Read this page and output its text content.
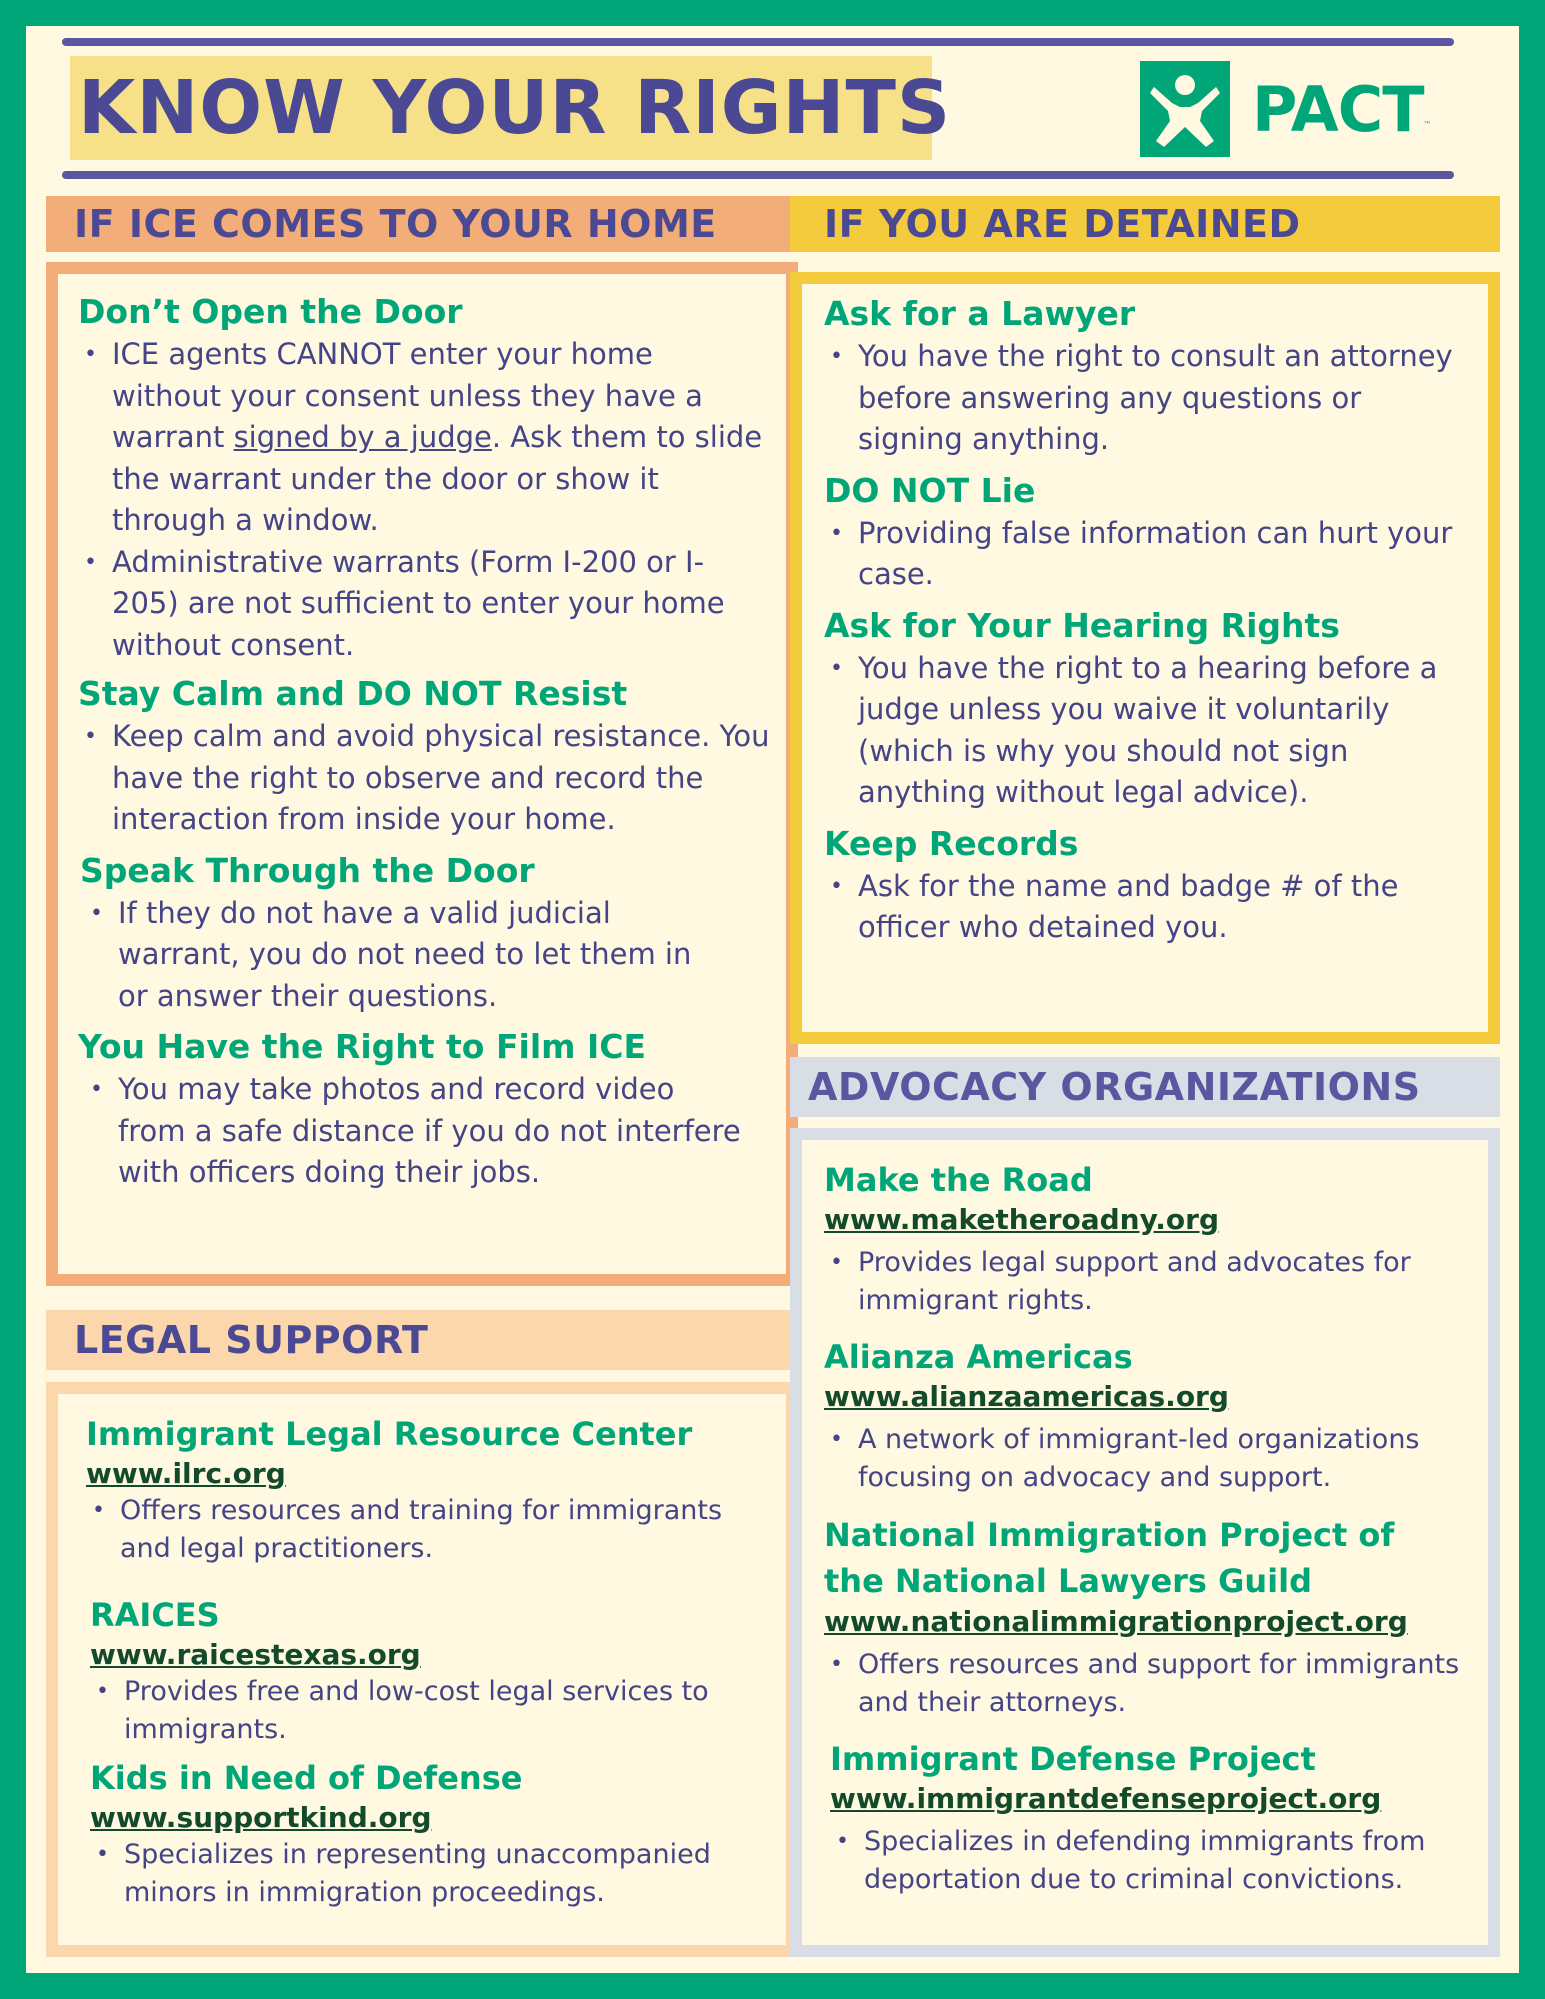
KNOW YOUR RIGHTS	PACT ™
IF ICE COMES TO YOUR HOME
Don’t Open the Door
• ICE agents CANNOT enter your home without your consent unless they have a warrant signed by a judge. Ask them to slide the warrant under the door or show it through a window.
• Administrative warrants (Form I-200 or I-205) are not sufficient to enter your home without consent.
Stay Calm and DO NOT Resist
• Keep calm and avoid physical resistance. You have the right to observe and record the interaction from inside your home.
Speak Through the Door
• If they do not have a valid judicial warrant, you do not need to let them in or answer their questions.
You Have the Right to Film ICE
• You may take photos and record video from a safe distance if you do not interfere with officers doing their jobs.
LEGAL SUPPORT
Immigrant Legal Resource Center
www.ilrc.org
• Offers resources and training for immigrants and legal practitioners.
RAICES
www.raicestexas.org
• Provides free and low-cost legal services to immigrants.
Kids in Need of Defense
www.supportkind.org
• Specializes in representing unaccompanied minors in immigration proceedings.
IF YOU ARE DETAINED
Ask for a Lawyer
• You have the right to consult an attorney before answering any questions or signing anything.
DO NOT Lie
• Providing false information can hurt your case.
Ask for Your Hearing Rights
• You have the right to a hearing before a judge unless you waive it voluntarily (which is why you should not sign anything without legal advice).
Keep Records
• Ask for the name and badge # of the officer who detained you.
ADVOCACY ORGANIZATIONS
Make the Road
www.maketheroadny.org
• Provides legal support and advocates for immigrant rights.
Alianza Americas
www.alianzaamericas.org
• A network of immigrant-led organizations focusing on advocacy and support.
National Immigration Project of the National Lawyers Guild
www.nationalimmigrationproject.org
• Offers resources and support for immigrants and their attorneys.
Immigrant Defense Project
www.immigrantdefenseproject.org
• Specializes in defending immigrants from deportation due to criminal convictions.
